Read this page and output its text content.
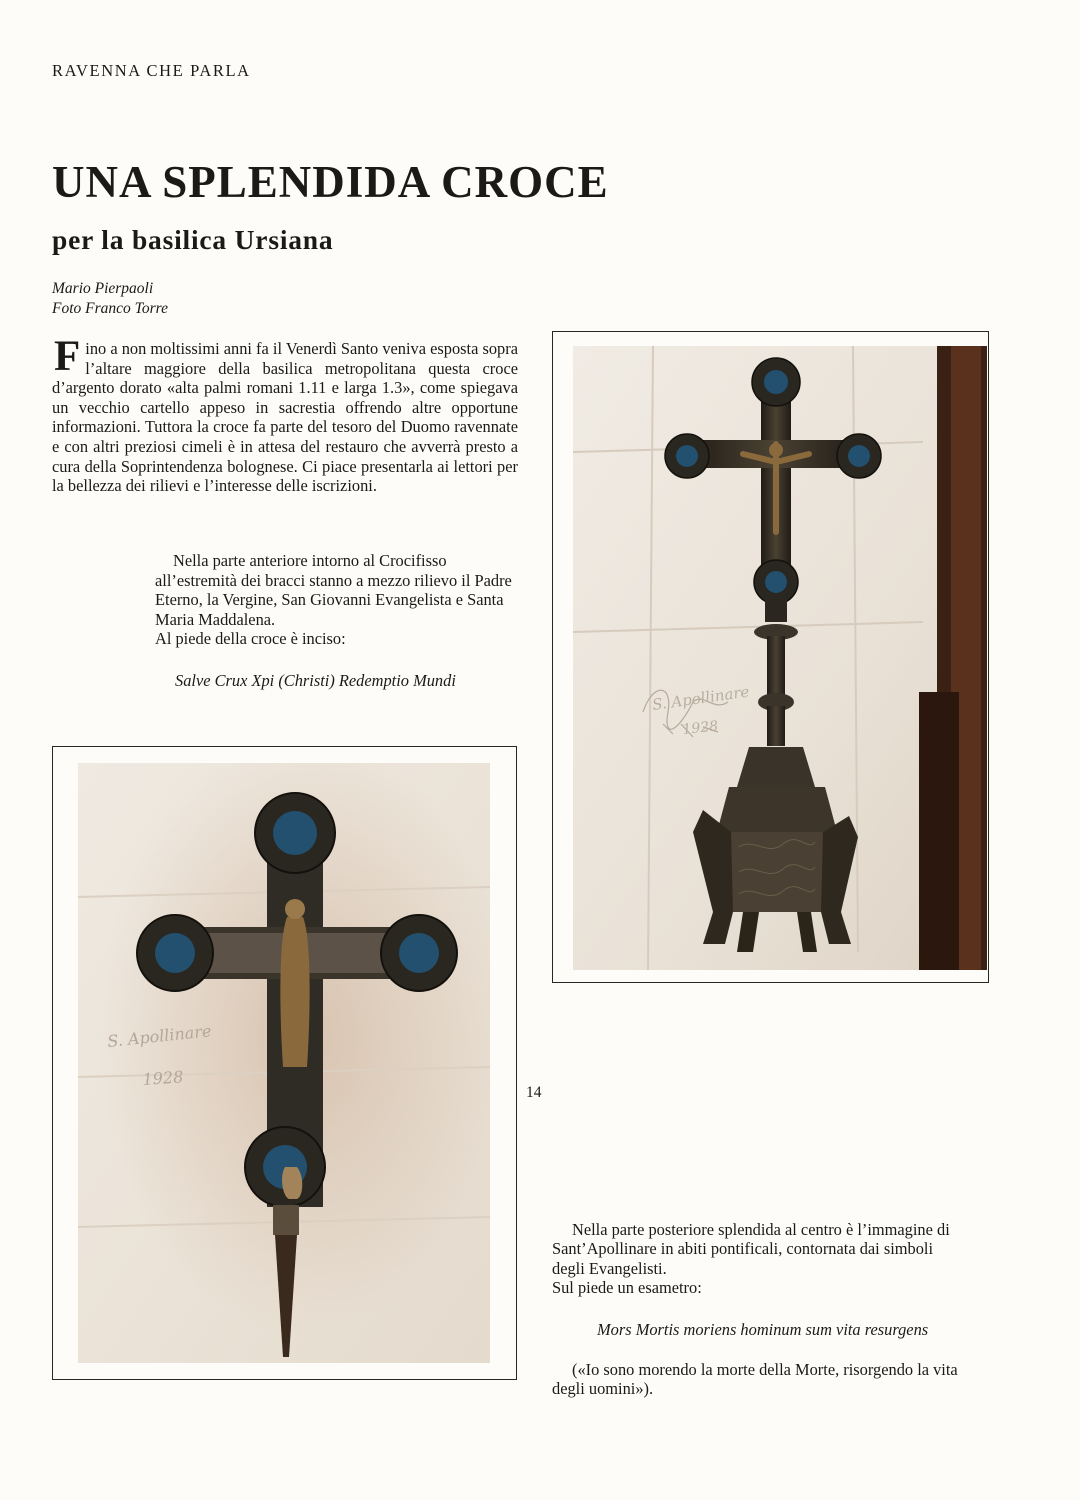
RAVENNA CHE PARLA
UNA SPLENDIDA CROCE
per la basilica Ursiana
Mario Pierpaoli
Foto Franco Torre
Fino a non moltissimi anni fa il Venerdì Santo veniva esposta sopra l’altare maggiore della basilica metropolitana questa croce d’argento dorato «alta palmi romani 1.11 e larga 1.3», come spiegava un vecchio cartello appeso in sacrestia offrendo altre opportune informazioni. Tuttora la croce fa parte del tesoro del Duomo ravennate e con altri preziosi cimeli è in attesa del restauro che avverrà presto a cura della Soprintendenza bolognese. Ci piace presentarla ai lettori per la bellezza dei rilievi e l’interesse delle iscrizioni.
Nella parte anteriore intorno al Crocifisso all’estremità dei bracci stanno a mezzo rilievo il Padre Eterno, la Vergine, San Giovanni Evangelista e Santa Maria Maddalena.
Al piede della croce è inciso:
Salve Crux Xpi (Christi) Redemptio Mundi
S. Apollinare
1928
S. Apollinare
1928
Nella parte posteriore splendida al centro è l’immagine di Sant’Apollinare in abiti pontificali, contornata dai simboli degli Evangelisti.
Sul piede un esametro:
Mors Mortis moriens hominum sum vita resurgens
(«Io sono morendo la morte della Morte, risorgendo la vita degli uomini»).
14
